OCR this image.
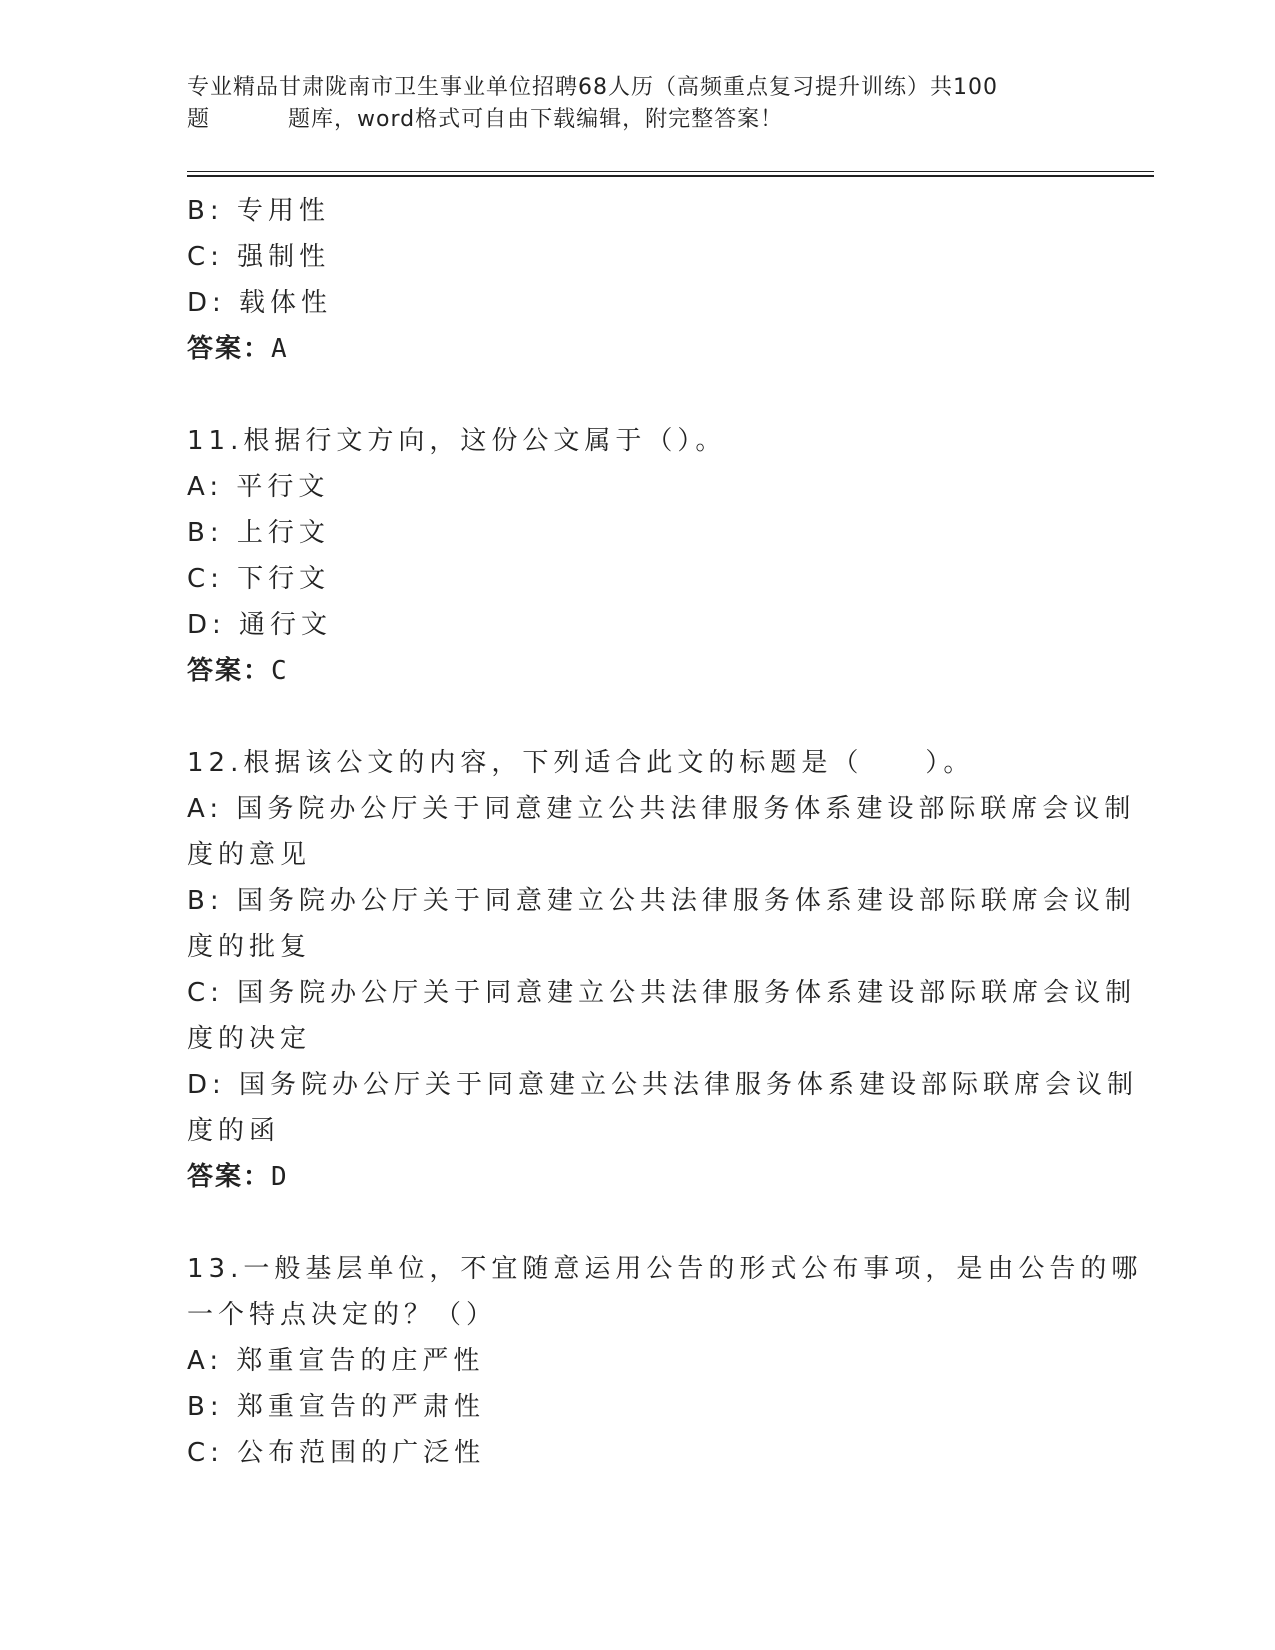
专业精品甘肃陇南市卫生事业单位招聘68人历（高频重点复习提升训练）共100
题	题库，word格式可自由下载编辑，附完整答案！
B: 专用性
C: 强制性
D: 载体性
答案：A
11.根据行文方向，这份公文属于（）。
A: 平行文
B: 上行文
C: 下行文
D: 通行文
答案：C
12.根据该公文的内容，下列适合此文的标题是（　　）。
A: 国务院办公厅关于同意建立公共法律服务体系建设部际联席会议制
度的意见
B: 国务院办公厅关于同意建立公共法律服务体系建设部际联席会议制
度的批复
C: 国务院办公厅关于同意建立公共法律服务体系建设部际联席会议制
度的决定
D: 国务院办公厅关于同意建立公共法律服务体系建设部际联席会议制
度的函
答案：D
13.一般基层单位，不宜随意运用公告的形式公布事项，是由公告的哪
一个特点决定的？（）
A: 郑重宣告的庄严性
B: 郑重宣告的严肃性
C: 公布范围的广泛性
